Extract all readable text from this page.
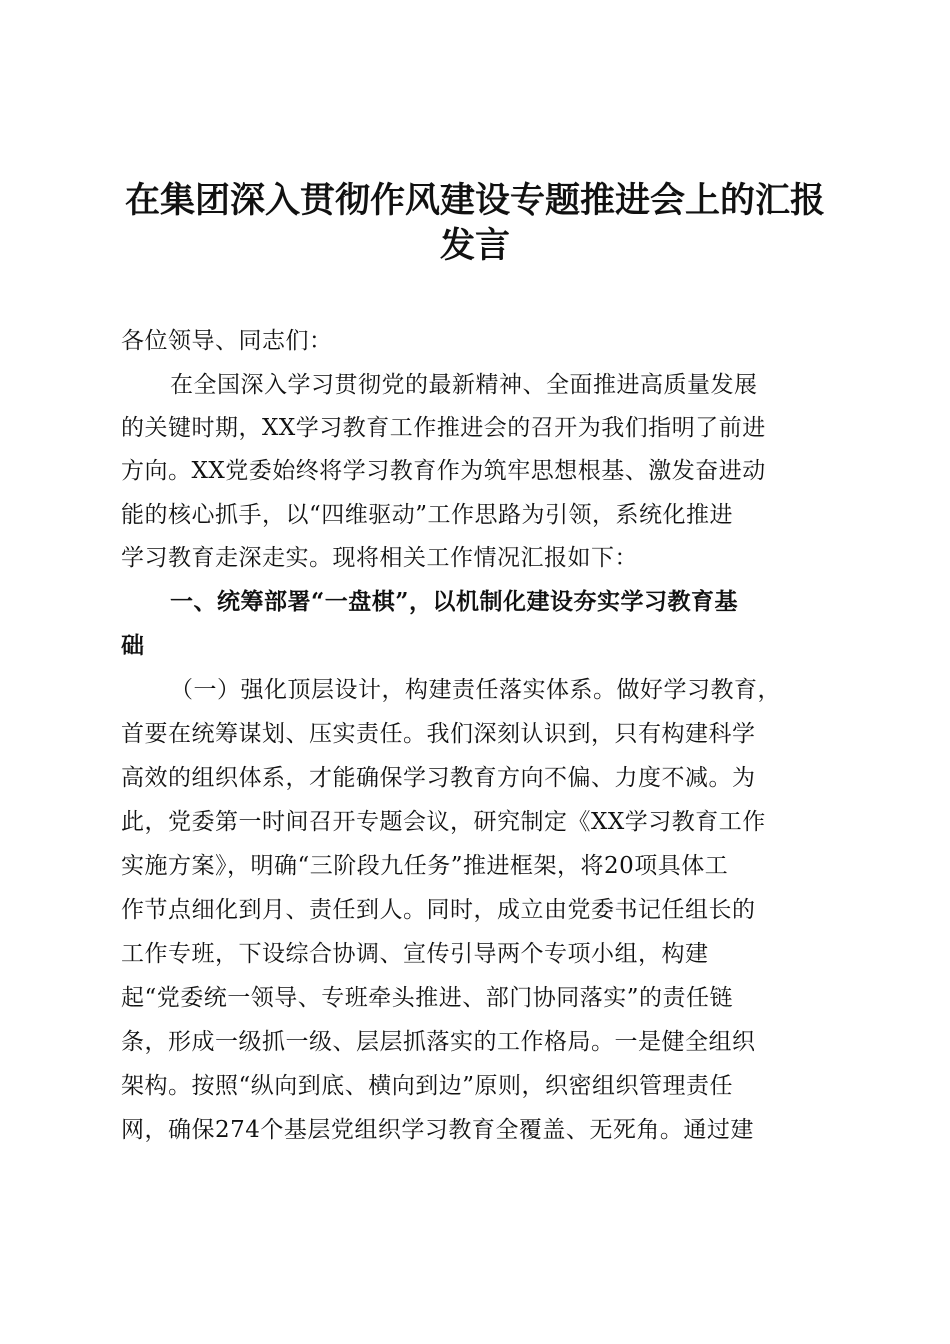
在集团深入贯彻作风建设专题推进会上的汇报
发言
各位领导、同志们：
在全国深入学习贯彻党的最新精神、全面推进高质量发展
的关键时期，XX学习教育工作推进会的召开为我们指明了前进
方向。XX党委始终将学习教育作为筑牢思想根基、激发奋进动
能的核心抓手，以“四维驱动”工作思路为引领，系统化推进
学习教育走深走实。现将相关工作情况汇报如下：
一、统筹部署“一盘棋”，以机制化建设夯实学习教育基
础
（一）强化顶层设计，构建责任落实体系。做好学习教育，
首要在统筹谋划、压实责任。我们深刻认识到，只有构建科学
高效的组织体系，才能确保学习教育方向不偏、力度不减。为
此，党委第一时间召开专题会议，研究制定《XX学习教育工作
实施方案》，明确“三阶段九任务”推进框架，将20项具体工
作节点细化到月、责任到人。同时，成立由党委书记任组长的
工作专班，下设综合协调、宣传引导两个专项小组，构建
起“党委统一领导、专班牵头推进、部门协同落实”的责任链
条，形成一级抓一级、层层抓落实的工作格局。一是健全组织
架构。按照“纵向到底、横向到边”原则，织密组织管理责任
网，确保274个基层党组织学习教育全覆盖、无死角。通过建
